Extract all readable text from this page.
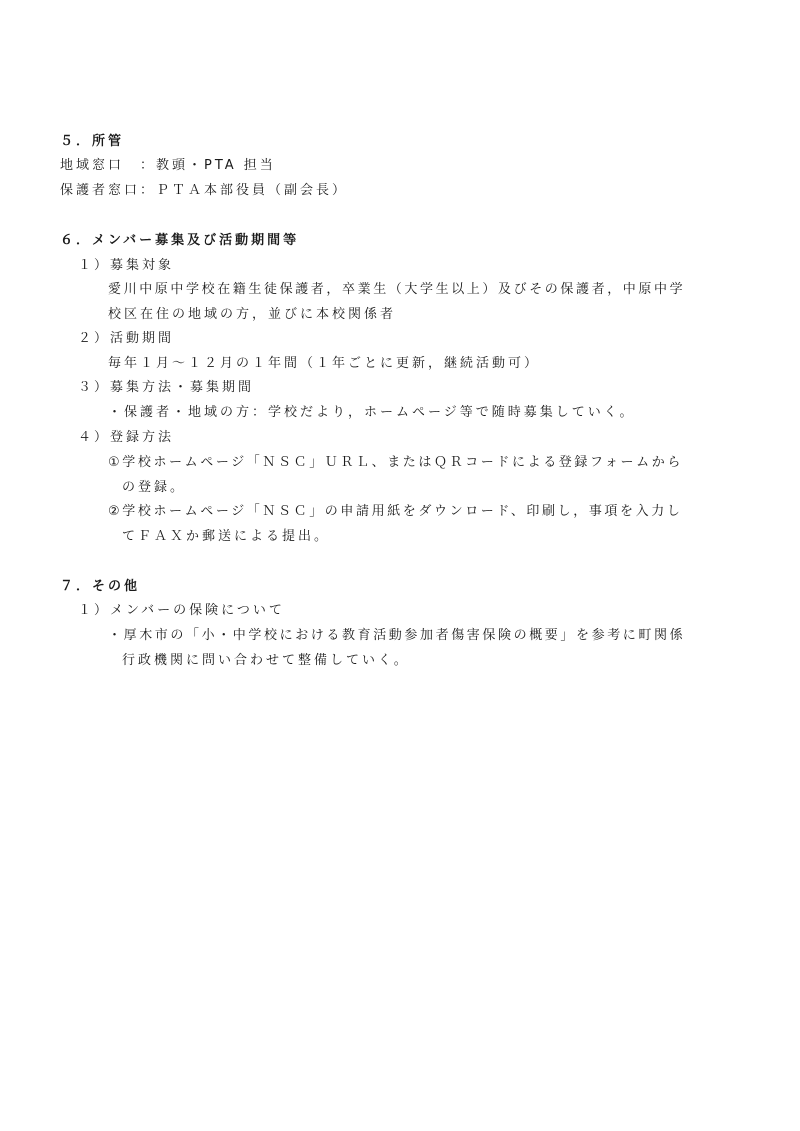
５．所管
地域窓口　：教頭・PTA 担当
保護者窓口：ＰＴＡ本部役員（副会長）
６．メンバー募集及び活動期間等
１）募集対象
愛川中原中学校在籍生徒保護者，卒業生（大学生以上）及びその保護者，中原中学
校区在住の地域の方，並びに本校関係者
２）活動期間
毎年１月～１２月の１年間（１年ごとに更新，継続活動可）
３）募集方法・募集期間
・保護者・地域の方：学校だより，ホームページ等で随時募集していく。
４）登録方法
①学校ホームページ「ＮＳＣ」ＵＲＬ、またはＱＲコードによる登録フォームから
の登録。
②学校ホームページ「ＮＳＣ」の申請用紙をダウンロード、印刷し，事項を入力し
てＦＡＸか郵送による提出。
７．その他
１）メンバーの保険について
・厚木市の「小・中学校における教育活動参加者傷害保険の概要」を参考に町関係
行政機関に問い合わせて整備していく。
